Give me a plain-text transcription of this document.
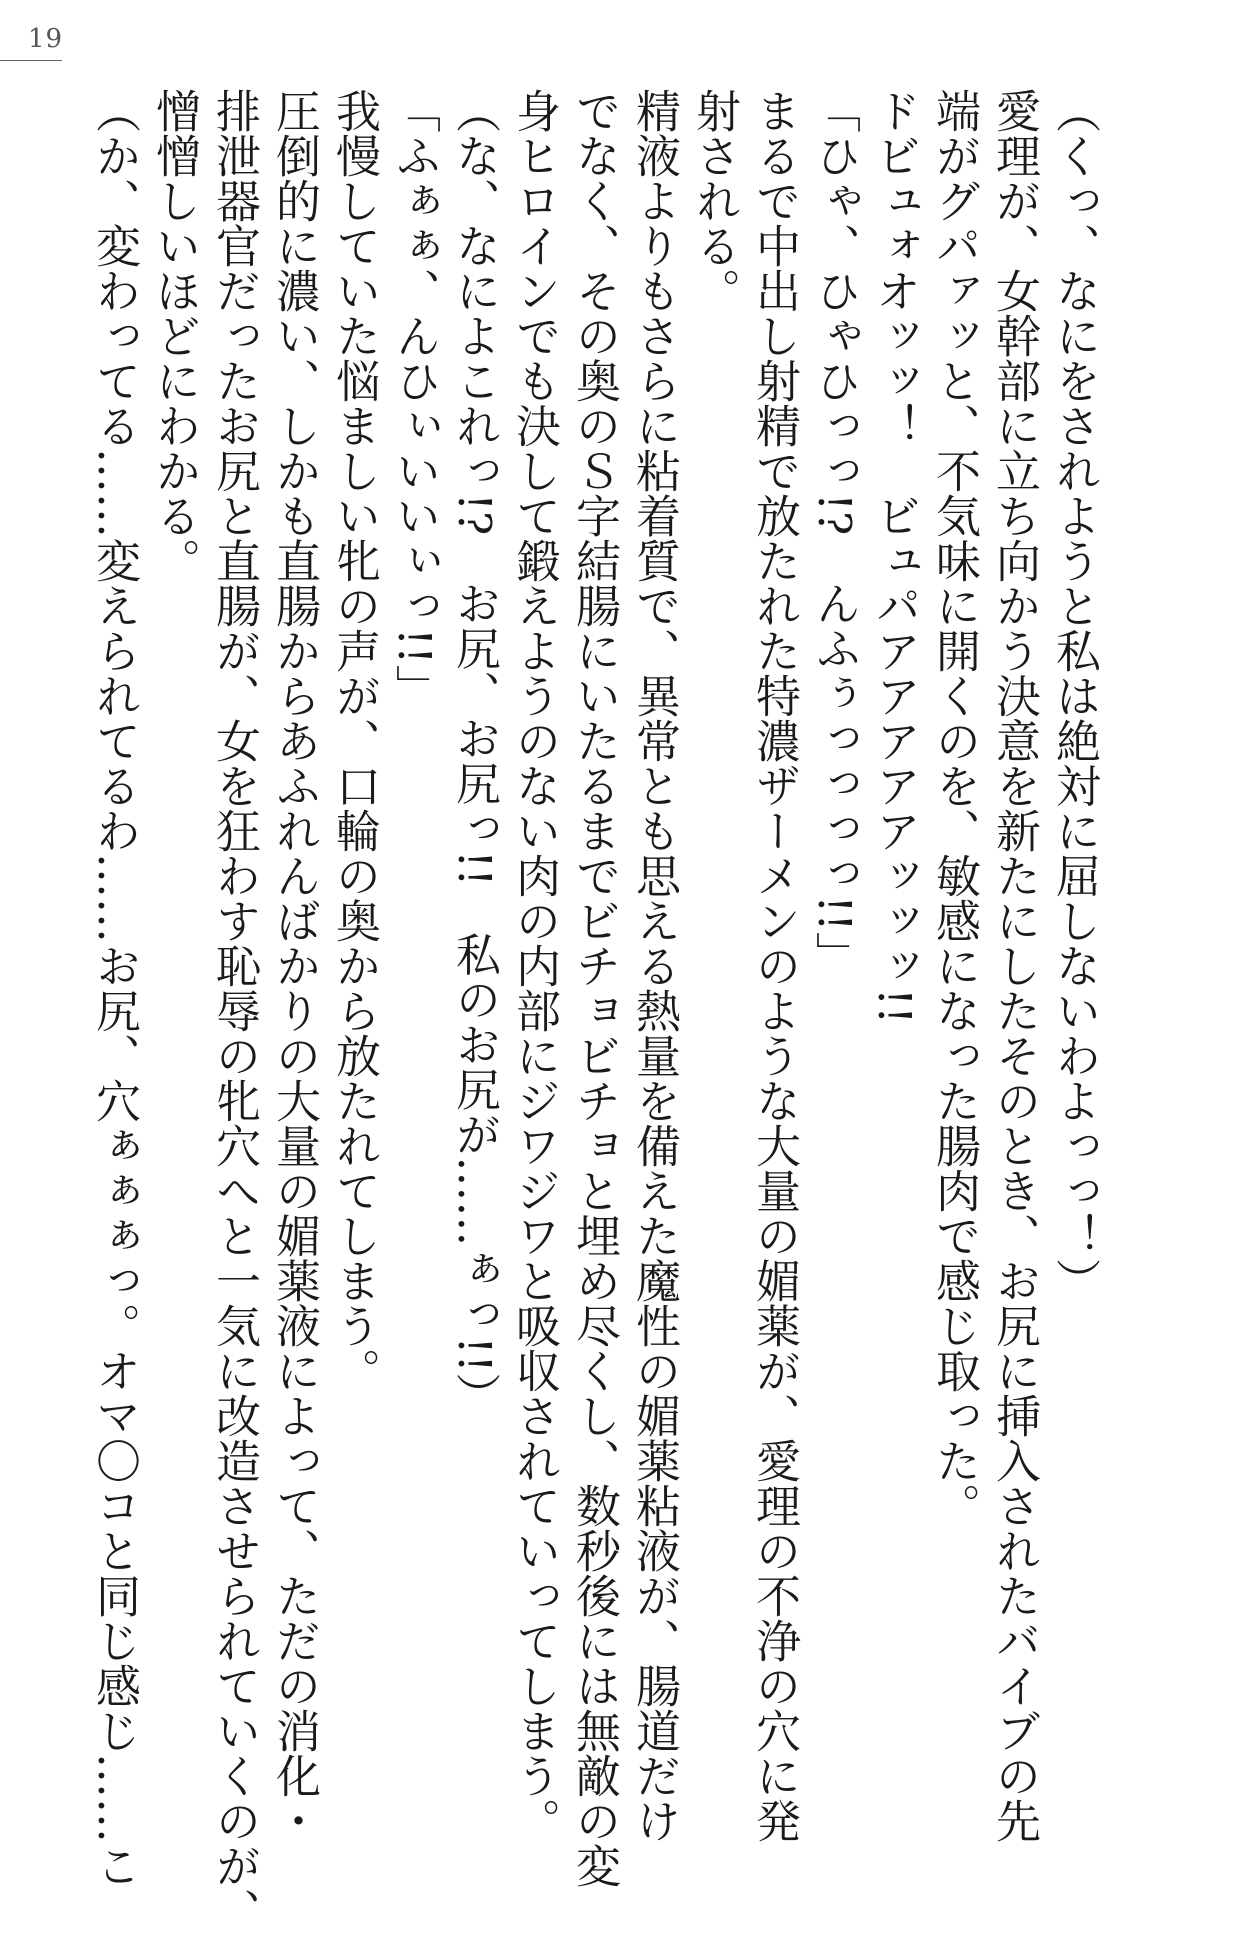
19
（くっ、なにをされようと私は絶対に屈しないわよっっ！）
愛理が、女幹部に立ち向かう決意を新たにしたそのとき、お尻に挿入されたバイブの先
端がグパァッと、不気味に開くのを、敏感になった腸肉で感じ取った。
ドビュォオッッ！　ビュパアアアアアッッッ!!
「ひゃ、ひゃひっっ!?　んふぅっっっっ!!」
まるで中出し射精で放たれた特濃ザーメンのような大量の媚薬が、愛理の不浄の穴に発
射される。
精液よりもさらに粘着質で、異常とも思える熱量を備えた魔性の媚薬粘液が、腸道だけ
でなく、その奥のＳ字結腸にいたるまでビチョビチョと埋め尽くし、数秒後には無敵の変
身ヒロインでも決して鍛えようのない肉の内部にジワジワと吸収されていってしまう。
（な、なによこれっ!?　お尻、お尻っ!!　私のお尻が……ぁっ!!）
「ふぁぁ、んひぃいいぃっ!!」
我慢していた悩ましい牝の声が、口輪の奥から放たれてしまう。
圧倒的に濃い、しかも直腸からあふれんばかりの大量の媚薬液によって、ただの消化・
排泄器官だったお尻と直腸が、女を狂わす恥辱の牝穴へと一気に改造させられていくのが、
憎憎しいほどにわかる。
（か、変わってる……変えられてるわ……お尻、穴ぁぁぁっ。オマ〇コと同じ感じ……こ
